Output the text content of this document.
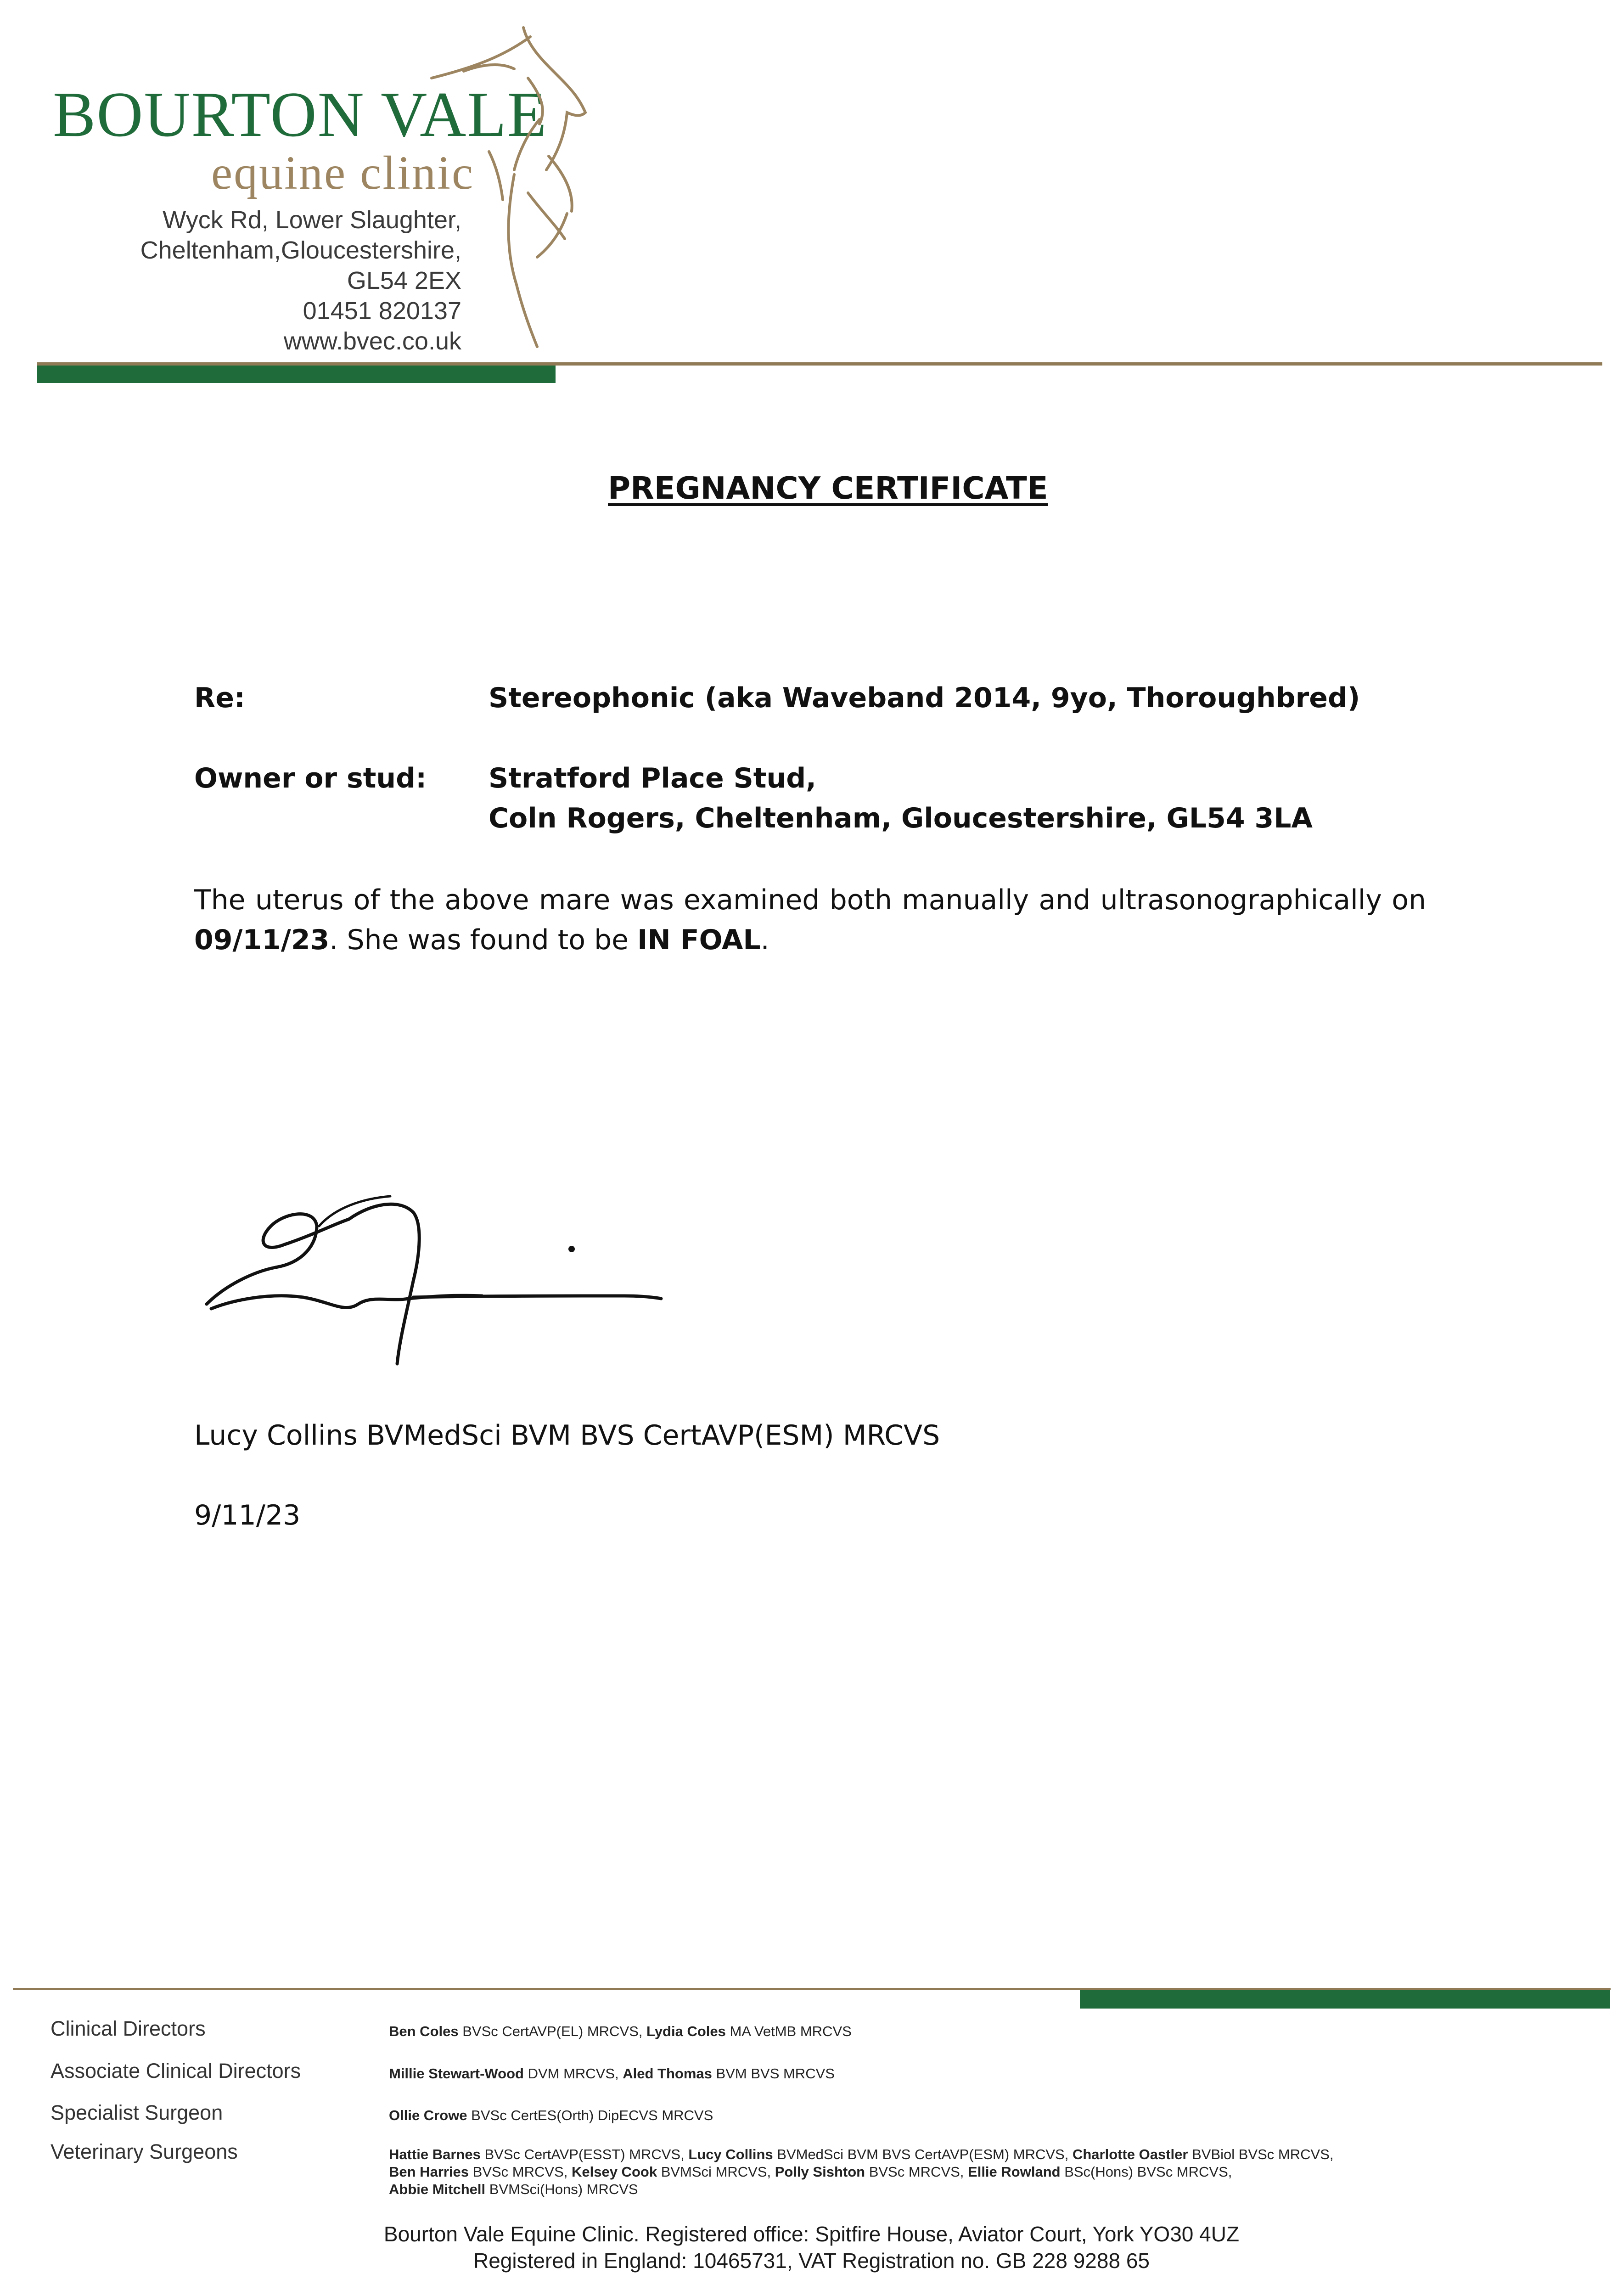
BOURTON VALE
equine clinic
Wyck Rd, Lower Slaughter,
Cheltenham,Gloucestershire,
GL54 2EX
01451 820137
www.bvec.co.uk
PREGNANCY CERTIFICATE
Re:	Stereophonic (aka Waveband 2014, 9yo, Thoroughbred)
Owner or stud: Stratford Place Stud,
Coln Rogers, Cheltenham, Gloucestershire, GL54 3LA
The uterus of the above mare was examined both manually and ultrasonographically on
09/11/23. She was found to be IN FOAL.
Lucy Collins BVMedSci BVM BVS CertAVP(ESM) MRCVS
9/11/23
Clinical Directors	Ben Coles BVSc CertAVP(EL) MRCVS, Lydia Coles MA VetMB MRCVS
Associate Clinical Directors	Millie Stewart-Wood DVM MRCVS, Aled Thomas BVM BVS MRCVS
Specialist Surgeon	Ollie Crowe BVSc CertES(Orth) DipECVS MRCVS
Veterinary Surgeons	Hattie Barnes BVSc CertAVP(ESST) MRCVS, Lucy Collins BVMedSci BVM BVS CertAVP(ESM) MRCVS, Charlotte Oastler BVBiol BVSc MRCVS,
Ben Harries BVSc MRCVS, Kelsey Cook BVMSci MRCVS, Polly Sishton BVSc MRCVS, Ellie Rowland BSc(Hons) BVSc MRCVS,
Abbie Mitchell BVMSci(Hons) MRCVS
Bourton Vale Equine Clinic. Registered office: Spitfire House, Aviator Court, York YO30 4UZ
Registered in England: 10465731, VAT Registration no. GB 228 9288 65
